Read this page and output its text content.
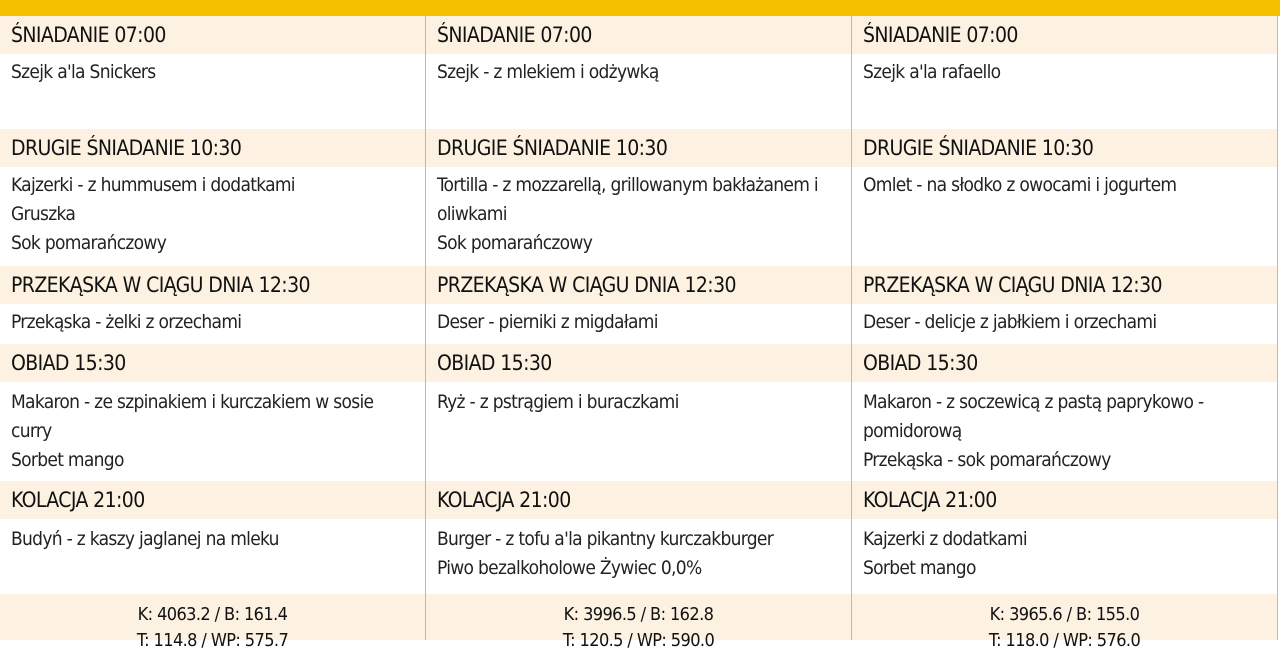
ŚNIADANIE 07:00
Szejk a'la Snickers
DRUGIE ŚNIADANIE 10:30
Kajzerki - z hummusem i dodatkami
Gruszka
Sok pomarańczowy
PRZEKĄSKA W CIĄGU DNIA 12:30
Przekąska - żelki z orzechami
OBIAD 15:30
Makaron - ze szpinakiem i kurczakiem w sosie curry
Sorbet mango
KOLACJA 21:00
Budyń - z kaszy jaglanej na mleku
K: 4063.2 / B: 161.4
T: 114.8 / WP: 575.7
ŚNIADANIE 07:00
Szejk - z mlekiem i odżywką
DRUGIE ŚNIADANIE 10:30
Tortilla - z mozzarellą, grillowanym bakłażanem i oliwkami
Sok pomarańczowy
PRZEKĄSKA W CIĄGU DNIA 12:30
Deser - pierniki z migdałami
OBIAD 15:30
Ryż - z pstrągiem i buraczkami
KOLACJA 21:00
Burger - z tofu a'la pikantny kurczakburger
Piwo bezalkoholowe Żywiec 0,0%
K: 3996.5 / B: 162.8
T: 120.5 / WP: 590.0
ŚNIADANIE 07:00
Szejk a'la rafaello
DRUGIE ŚNIADANIE 10:30
Omlet - na słodko z owocami i jogurtem
PRZEKĄSKA W CIĄGU DNIA 12:30
Deser - delicje z jabłkiem i orzechami
OBIAD 15:30
Makaron - z soczewicą z pastą paprykowo - pomidorową
Przekąska - sok pomarańczowy
KOLACJA 21:00
Kajzerki z dodatkami
Sorbet mango
K: 3965.6 / B: 155.0
T: 118.0 / WP: 576.0
